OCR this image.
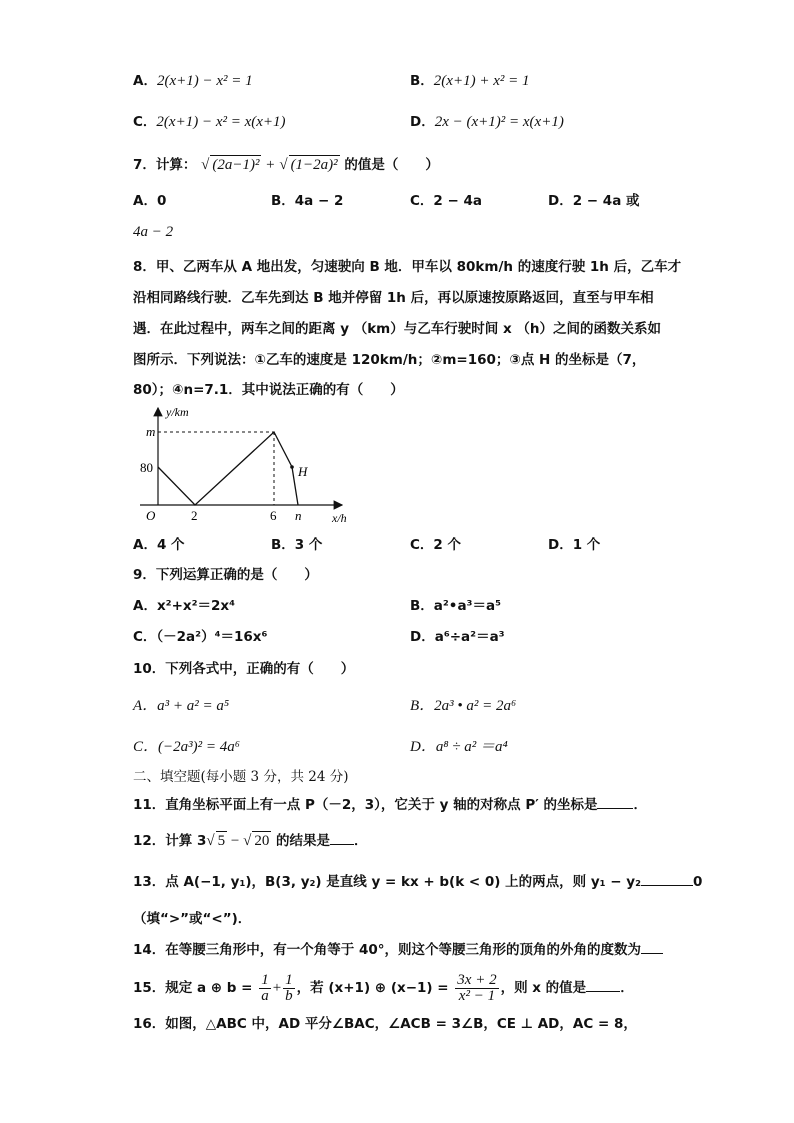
A．2(x+1) − x² = 1	B．2(x+1) + x² = 1
C．2(x+1) − x² = x(x+1)	D．2x − (x+1)² = x(x+1)
7．计算： √ (2a−1)² + √ (1−2a)² 的值是（　　）
A．0	B．4a − 2	C．2 − 4a	D．2 − 4a 或
4a − 2
8．甲、乙两车从 A 地出发，匀速驶向 B 地．甲车以 80km/h 的速度行驶 1h 后，乙车才
沿相同路线行驶．乙车先到达 B 地并停留 1h 后，再以原速按原路返回，直至与甲车相
遇．在此过程中，两车之间的距离 y （km）与乙车行驶时间 x （h）之间的函数关系如
图所示．下列说法：①乙车的速度是 120km/h；②m=160；③点 H 的坐标是（7，
80）；④n=7.1．其中说法正确的有（　　）
y/km
m
80
O	2	6 n
H
x/h
A．4 个	B．3 个	C．2 个	D．1 个
9．下列运算正确的是（　　）
A．x²+x²＝2x⁴	B．a²•a³＝a⁵
C．（－2a²）⁴＝16x⁶	D．a⁶÷a²＝a³
10．下列各式中，正确的有（　　）
A．a³ + a² = a⁵	B．2a³ • a² = 2a⁶
C．(−2a³)² = 4a⁶	D．a⁸ ÷ a² ＝a⁴
二、填空题(每小题 3 分，共 24 分)
11．直角坐标平面上有一点 P（－2，3），它关于 y 轴的对称点 P′ 的坐标是	．
12．计算 3√ 5 − √ 20 的结果是 ．
13．点 A(−1, y₁)，B(3, y₂) 是直线 y = kx + b(k < 0) 上的两点，则 y₁ − y₂	0
（填“>”或“<”)．
14．在等腰三角形中，有一个角等于 40°，则这个等腰三角形的顶角的外角的度数为
15．规定 a ⊕ $b = \frac{1}{a} + \frac{1}{b}$ ，若 (x+1) ⊕ $(x-1) = \frac{3x + 2}{\text{x² − 1}}$ ，则 x 的值是	．
16．如图，△ABC 中，AD 平分∠BAC，∠ACB = 3∠B，CE ⊥ AD，AC = 8，
